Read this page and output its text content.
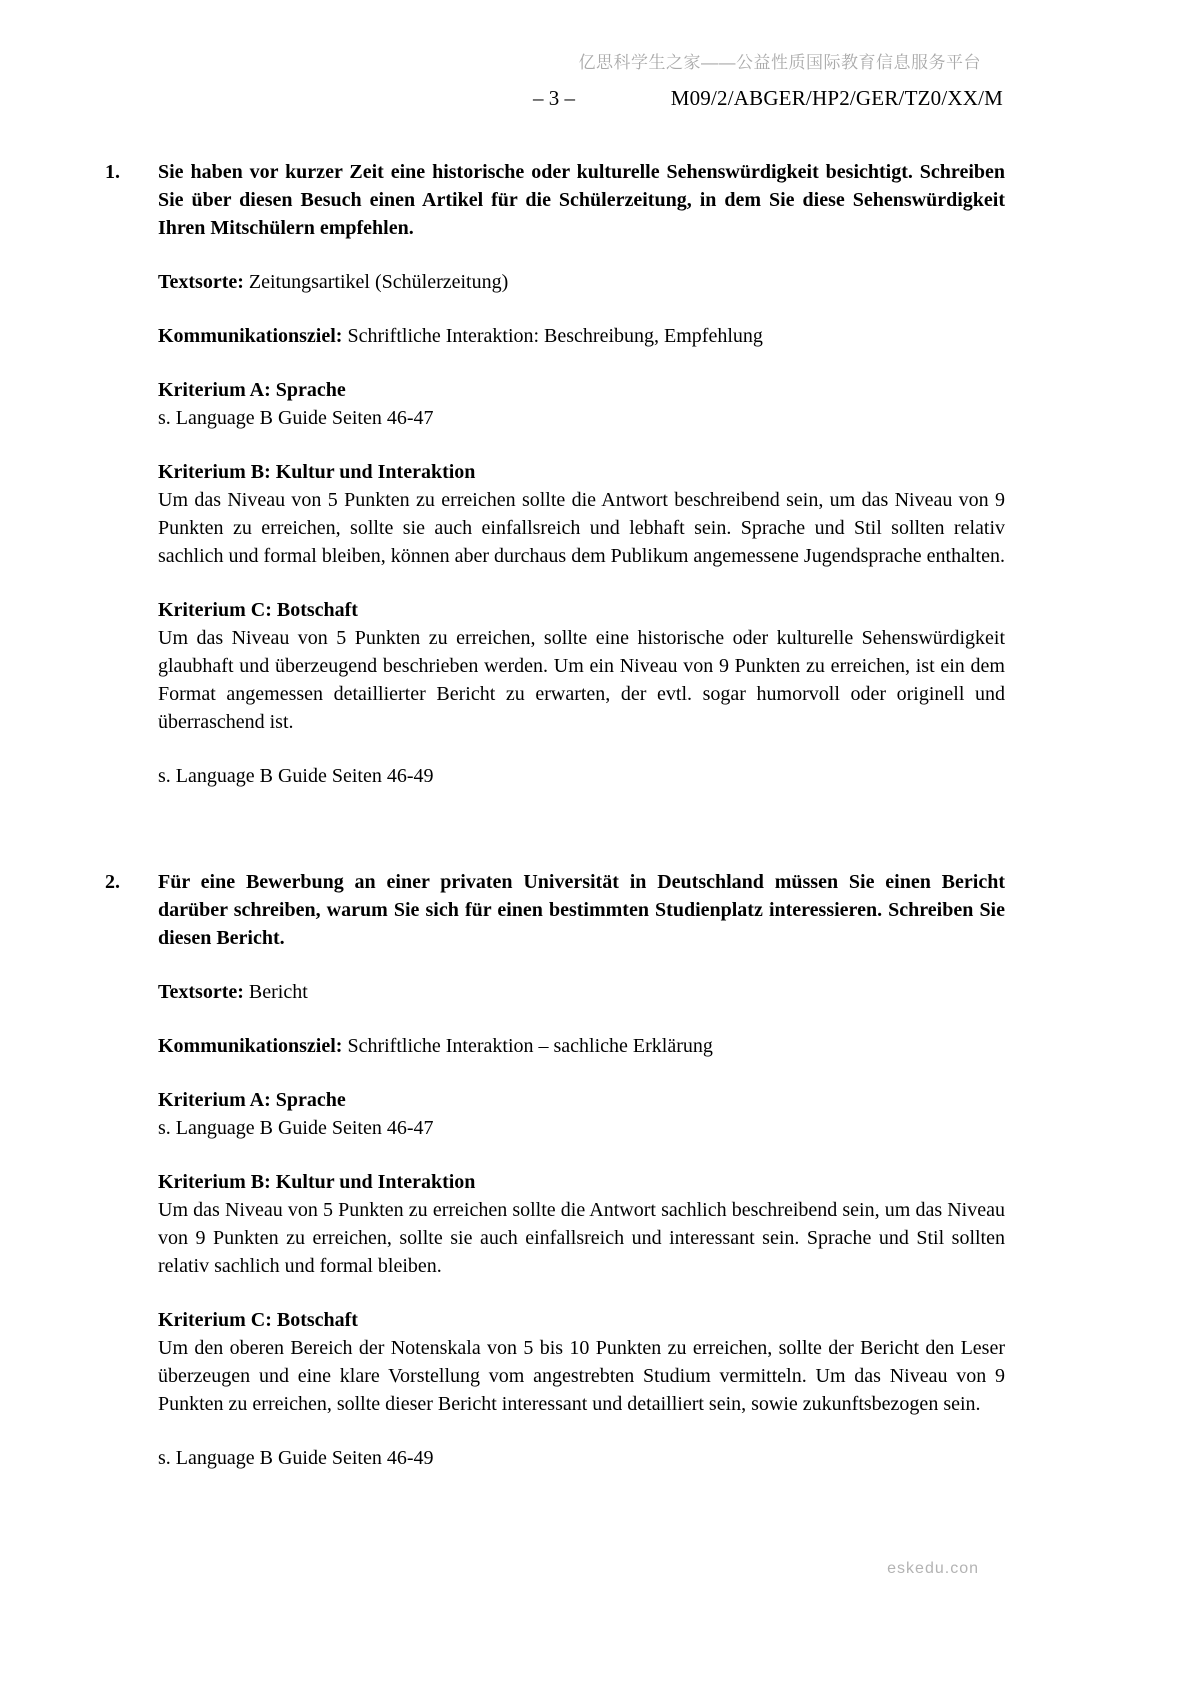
亿思科学生之家——公益性质国际教育信息服务平台
– 3 –	M09/2/ABGER/HP2/GER/TZ0/XX/M
1.	Sie haben vor kurzer Zeit eine historische oder kulturelle Sehenswürdigkeit besichtigt. Schreiben Sie über diesen Besuch einen Artikel für die Schülerzeitung, in dem Sie diese Sehenswürdigkeit Ihren Mitschülern empfehlen.

Textsorte: Zeitungsartikel (Schülerzeitung)

Kommunikationsziel: Schriftliche Interaktion: Beschreibung, Empfehlung

Kriterium A: Sprache

s. Language B Guide Seiten 46-47

Kriterium B: Kultur und Interaktion

Um das Niveau von 5 Punkten zu erreichen sollte die Antwort beschreibend sein, um das Niveau von 9 Punkten zu erreichen, sollte sie auch einfallsreich und lebhaft sein. Sprache und Stil sollten relativ sachlich und formal bleiben, können aber durchaus dem Publikum angemessene Jugendsprache enthalten.

Kriterium C: Botschaft

Um das Niveau von 5 Punkten zu erreichen, sollte eine historische oder kulturelle Sehenswürdigkeit glaubhaft und überzeugend beschrieben werden. Um ein Niveau von 9 Punkten zu erreichen, ist ein dem Format angemessen detaillierter Bericht zu erwarten, der evtl. sogar humorvoll oder originell und überraschend ist.

s. Language B Guide Seiten 46-49

2.	Für eine Bewerbung an einer privaten Universität in Deutschland müssen Sie einen Bericht darüber schreiben, warum Sie sich für einen bestimmten Studienplatz interessieren. Schreiben Sie diesen Bericht.

Textsorte: Bericht

Kommunikationsziel: Schriftliche Interaktion – sachliche Erklärung

Kriterium A: Sprache

s. Language B Guide Seiten 46-47

Kriterium B: Kultur und Interaktion

Um das Niveau von 5 Punkten zu erreichen sollte die Antwort sachlich beschreibend sein, um das Niveau von 9 Punkten zu erreichen, sollte sie auch einfallsreich und interessant sein. Sprache und Stil sollten relativ sachlich und formal bleiben.

Kriterium C: Botschaft

Um den oberen Bereich der Notenskala von 5 bis 10 Punkten zu erreichen, sollte der Bericht den Leser überzeugen und eine klare Vorstellung vom angestrebten Studium vermitteln. Um das Niveau von 9 Punkten zu erreichen, sollte dieser Bericht interessant und detailliert sein, sowie zukunftsbezogen sein.

s. Language B Guide Seiten 46-49

eskedu.con
